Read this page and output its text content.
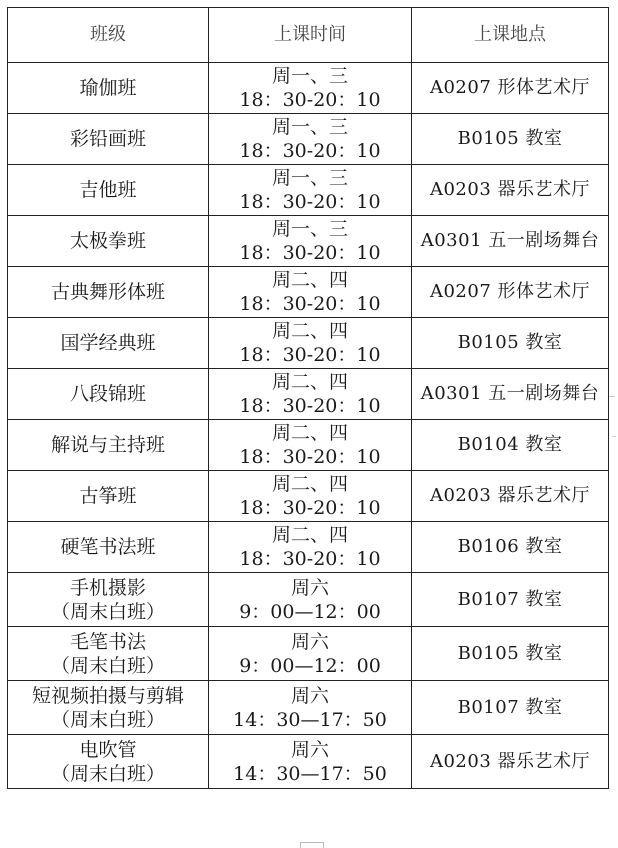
班级	上课时间	上课地点

瑜伽班	周一、三
18：30-20：10	A0207 形体艺术厅

彩铅画班	周一、三
18：30-20：10	B0105 教室

吉他班	周一、三
18：30-20：10	A0203 器乐艺术厅

太极拳班	周一、三
18：30-20：10	A0301 五一剧场舞台

古典舞形体班	周二、四
18：30-20：10	A0207 形体艺术厅

国学经典班	周二、四
18：30-20：10	B0105 教室

八段锦班	周二、四
18：30-20：10	A0301 五一剧场舞台

解说与主持班	周二、四
18：30-20：10	B0104 教室

古筝班	周二、四
18：30-20：10	A0203 器乐艺术厅

硬笔书法班	周二、四
18：30-20：10	B0106 教室

手机摄影
（周末白班）	周六
9：00—12：00	B0107 教室

毛笔书法
（周末白班）	周六
9：00—12：00	B0105 教室

短视频拍摄与剪辑
（周末白班）	周六
14：30—17：50	B0107 教室

电吹管
（周末白班）	周六
14：30—17：50	A0203 器乐艺术厅
